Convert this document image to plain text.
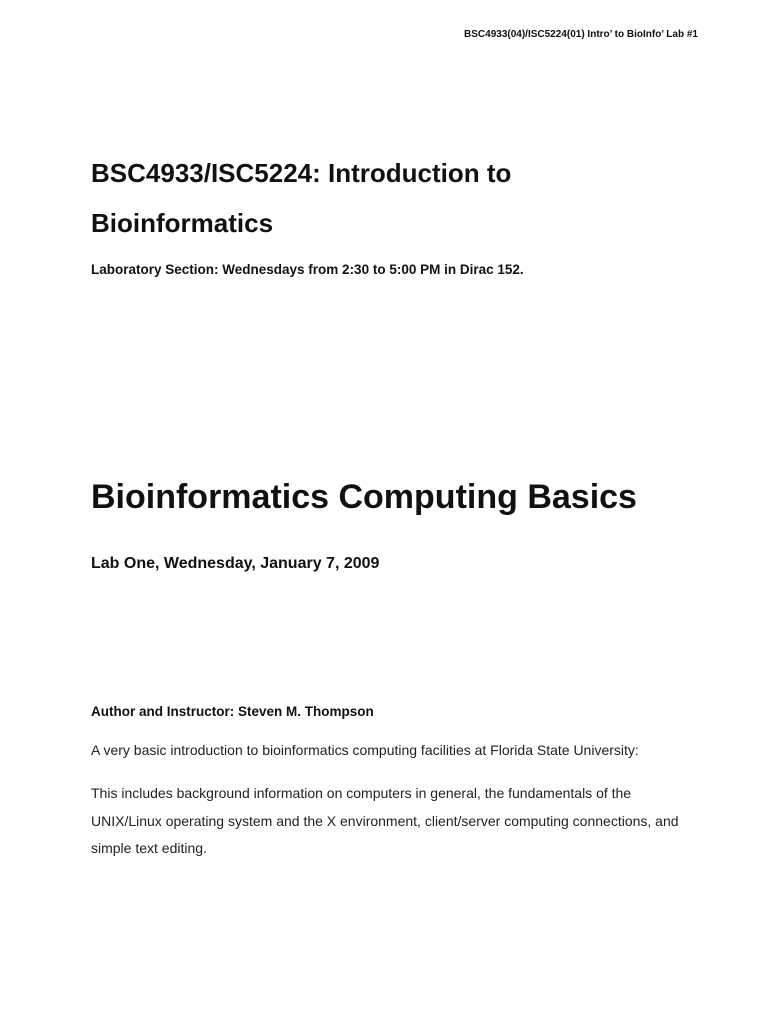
BSC4933(04)/ISC5224(01) Intro’ to BioInfo’ Lab #1
BSC4933/ISC5224: Introduction to Bioinformatics

Laboratory Section: Wednesdays from 2:30 to 5:00 PM in Dirac 152.

Bioinformatics Computing Basics

Lab One, Wednesday, January 7, 2009

Author and Instructor: Steven M. Thompson

A very basic introduction to bioinformatics computing facilities at Florida State University:

This includes background information on computers in general, the fundamentals of the UNIX/Linux operating system and the X environment, client/server computing connections, and simple text editing.
